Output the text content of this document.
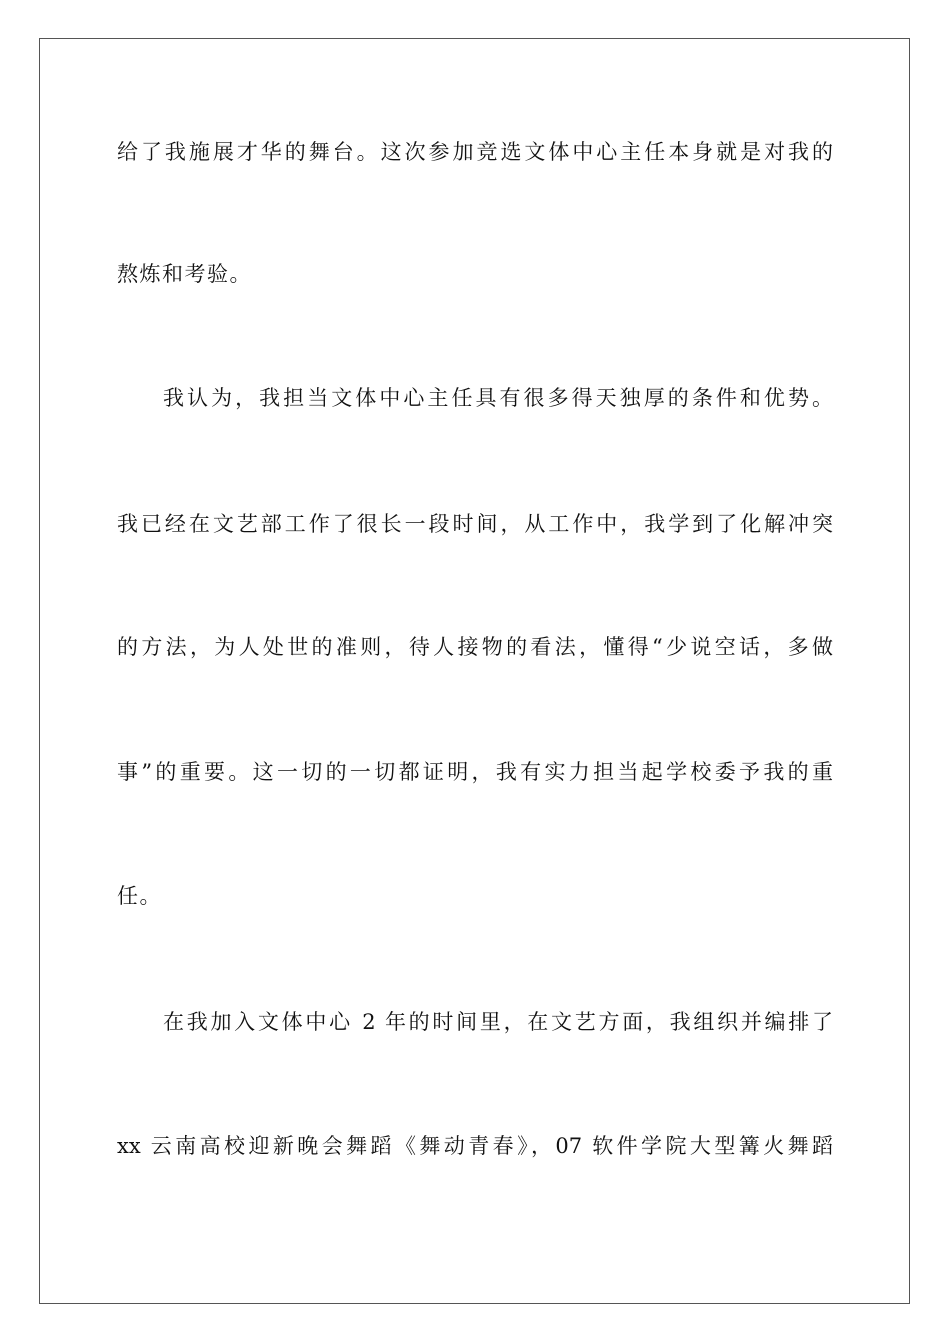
给了我施展才华的舞台。这次参加竞选文体中心主任本身就是对我的
熬炼和考验。
我认为，我担当文体中心主任具有很多得天独厚的条件和优势。
我已经在文艺部工作了很长一段时间，从工作中，我学到了化解冲突
的方法，为人处世的准则，待人接物的看法，懂得“少说空话，多做
事”的重要。这一切的一切都证明，我有实力担当起学校委予我的重
任。
在我加入文体中心 2 年的时间里，在文艺方面，我组织并编排了
xx 云南高校迎新晚会舞蹈《舞动青春》，07 软件学院大型篝火舞蹈
